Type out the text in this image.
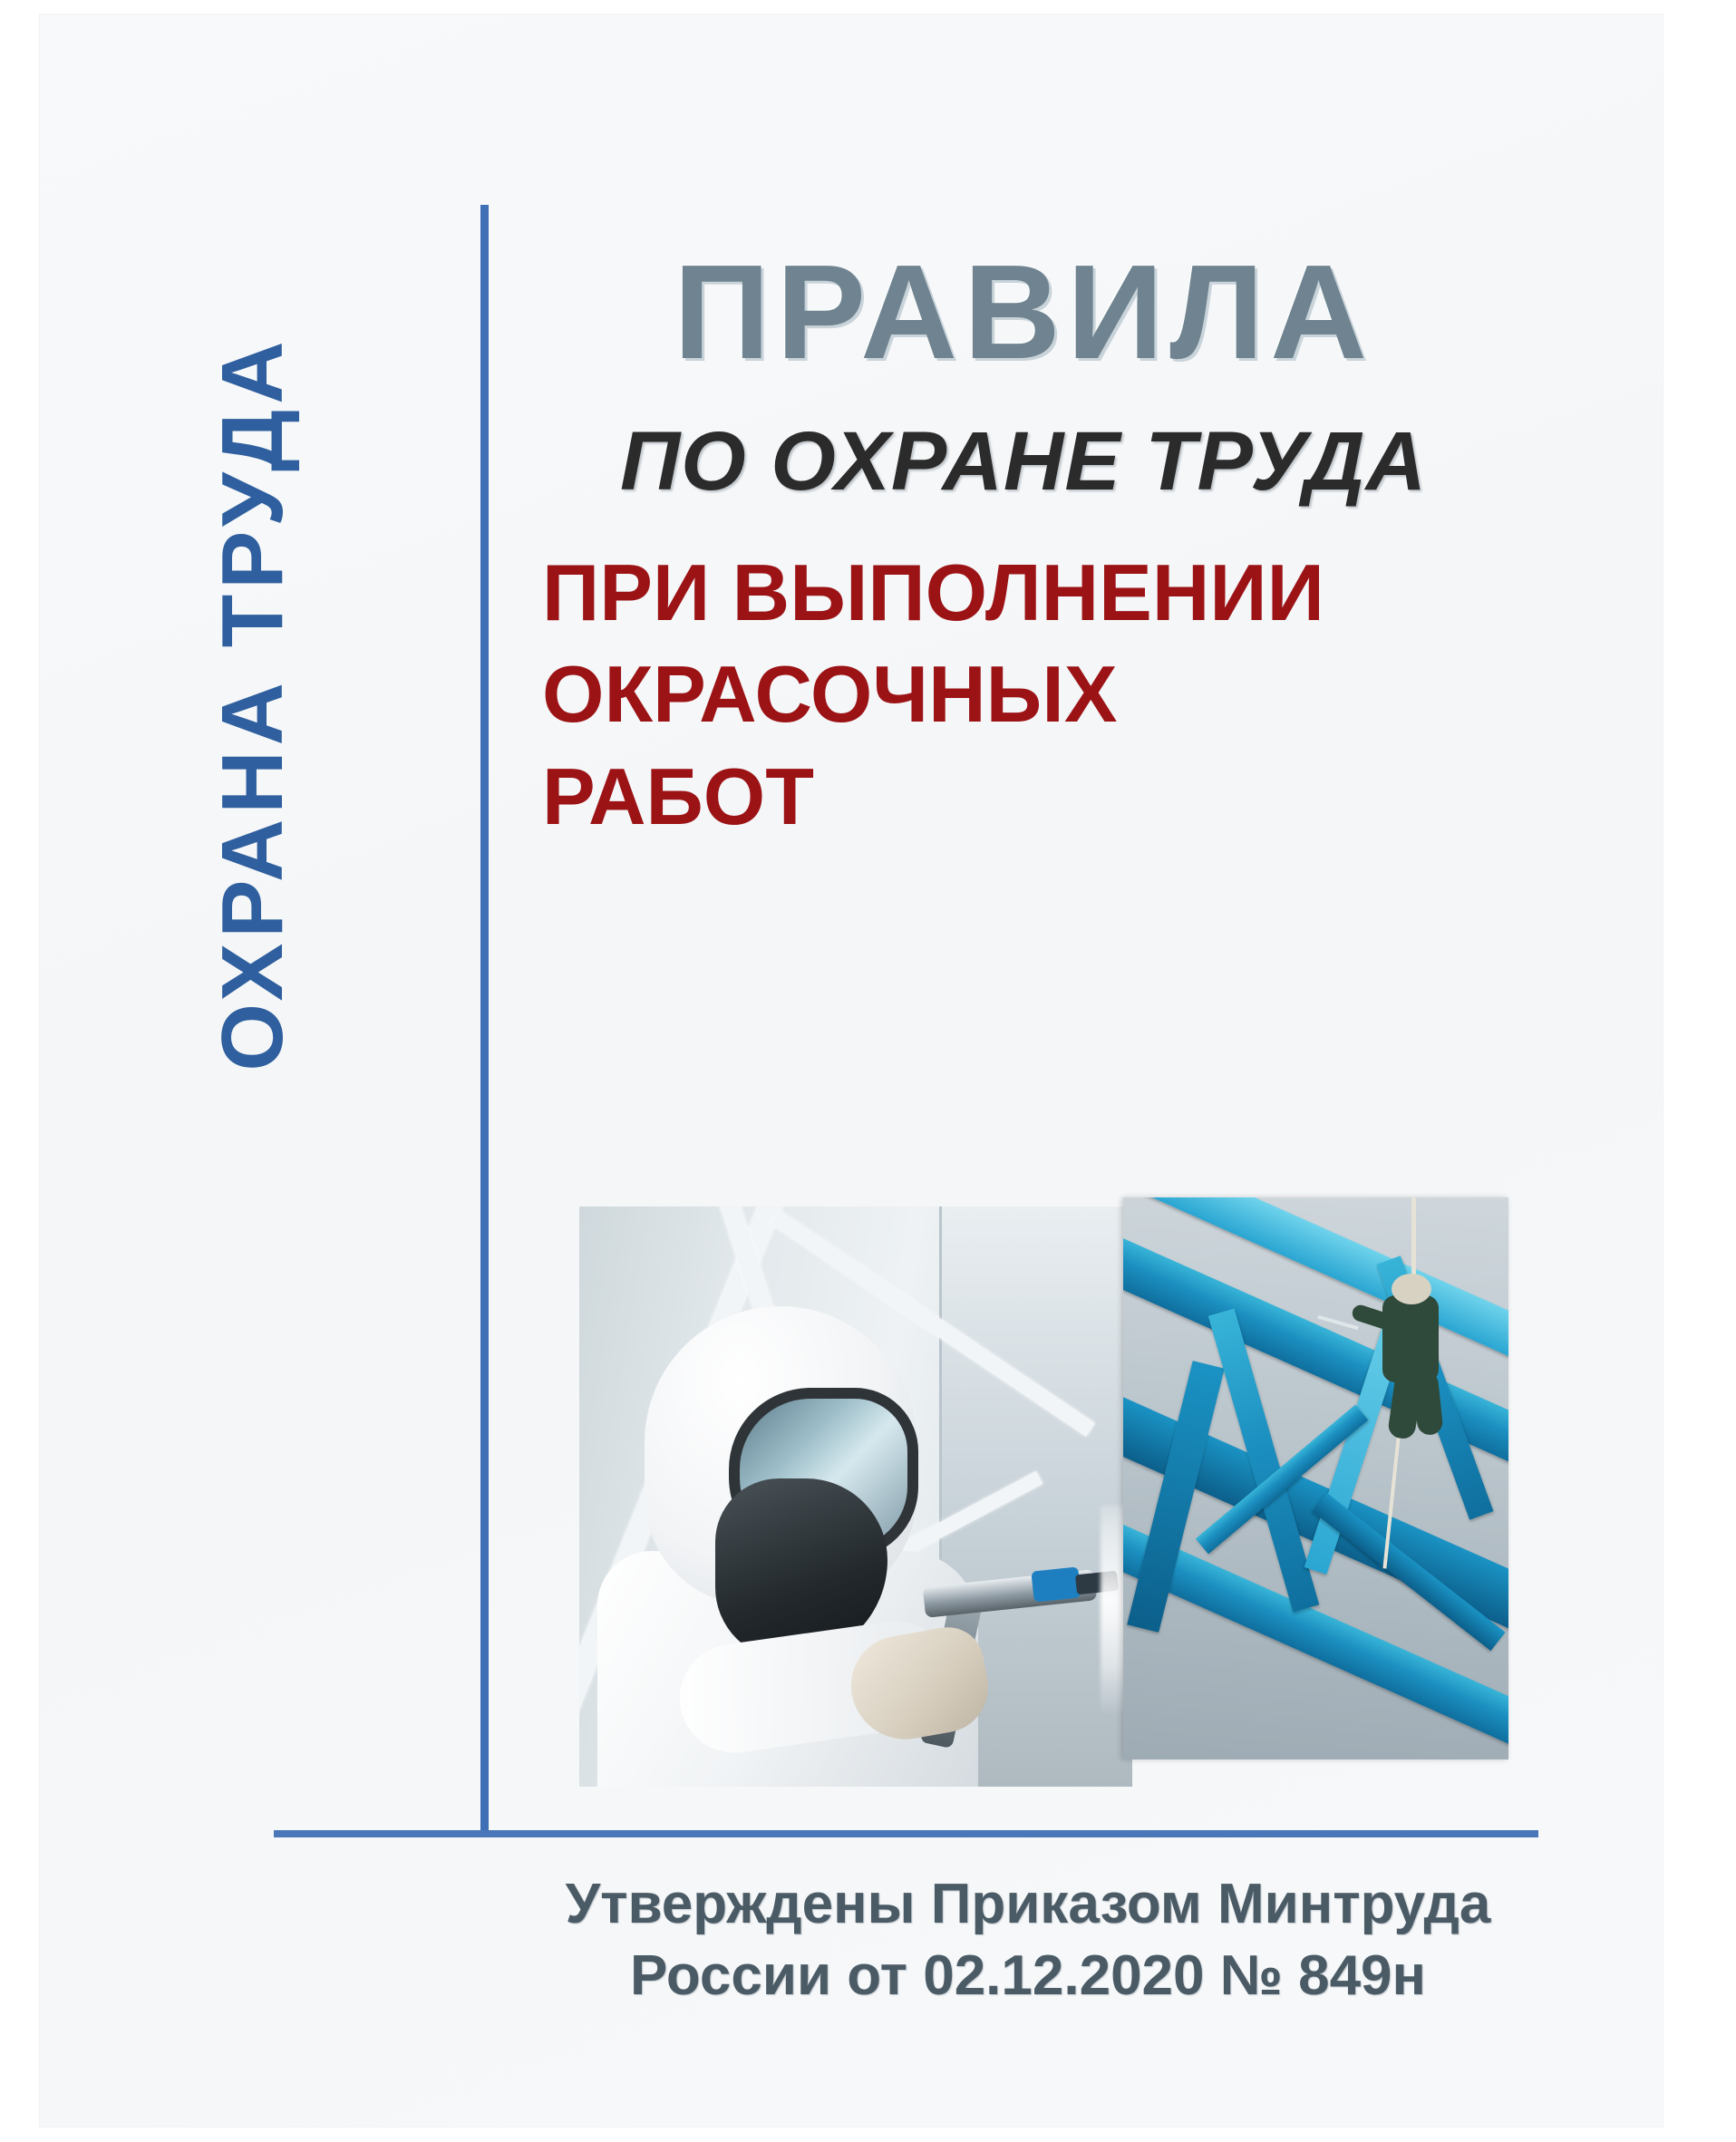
ОХРАНА ТРУДА
ПРАВИЛА
ПО ОХРАНЕ ТРУДА
ПРИ ВЫПОЛНЕНИИ
ОКРАСОЧНЫХ
РАБОТ
Утверждены Приказом Минтруда
России от 02.12.2020 № 849н
